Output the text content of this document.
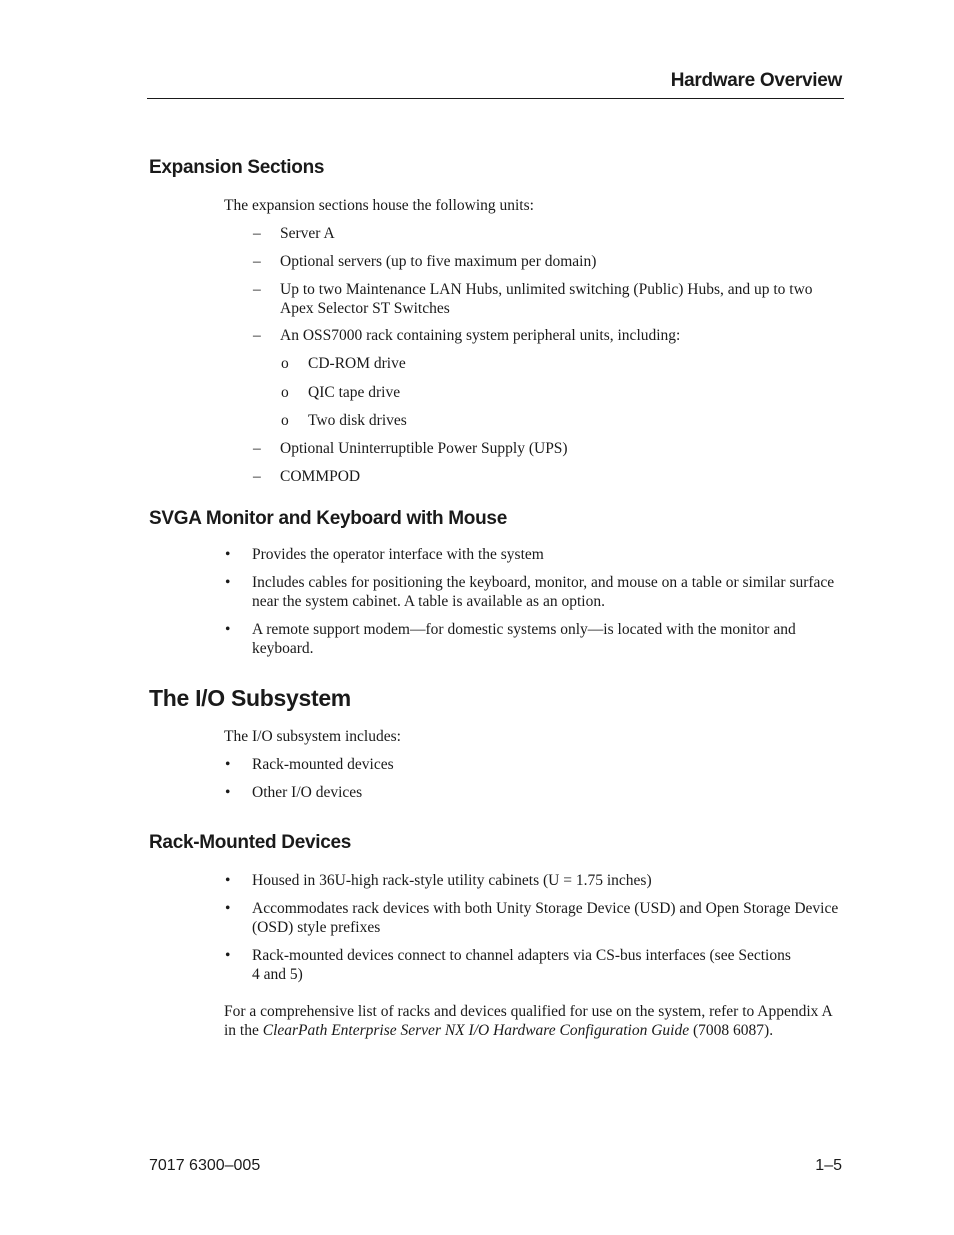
Hardware Overview
Expansion Sections
The expansion sections house the following units:
– Server A
– Optional servers (up to five maximum per domain)
– Up to two Maintenance LAN Hubs, unlimited switching (Public) Hubs, and up to two Apex Selector ST Switches
– An OSS7000 rack containing system peripheral units, including:
o CD-ROM drive
o QIC tape drive
o Two disk drives
– Optional Uninterruptible Power Supply (UPS)
– COMMPOD
SVGA Monitor and Keyboard with Mouse
• Provides the operator interface with the system
• Includes cables for positioning the keyboard, monitor, and mouse on a table or similar surface near the system cabinet. A table is available as an option.
• A remote support modem—for domestic systems only—is located with the monitor and keyboard.
The I/O Subsystem
The I/O subsystem includes:
• Rack-mounted devices
• Other I/O devices
Rack-Mounted Devices
• Housed in 36U-high rack-style utility cabinets (U = 1.75 inches)
• Accommodates rack devices with both Unity Storage Device (USD) and Open Storage Device (OSD) style prefixes
• Rack-mounted devices connect to channel adapters via CS-bus interfaces (see Sections 4 and 5)
For a comprehensive list of racks and devices qualified for use on the system, refer to Appendix A in the ClearPath Enterprise Server NX I/O Hardware Configuration Guide (7008 6087).
7017 6300–005	1–5
